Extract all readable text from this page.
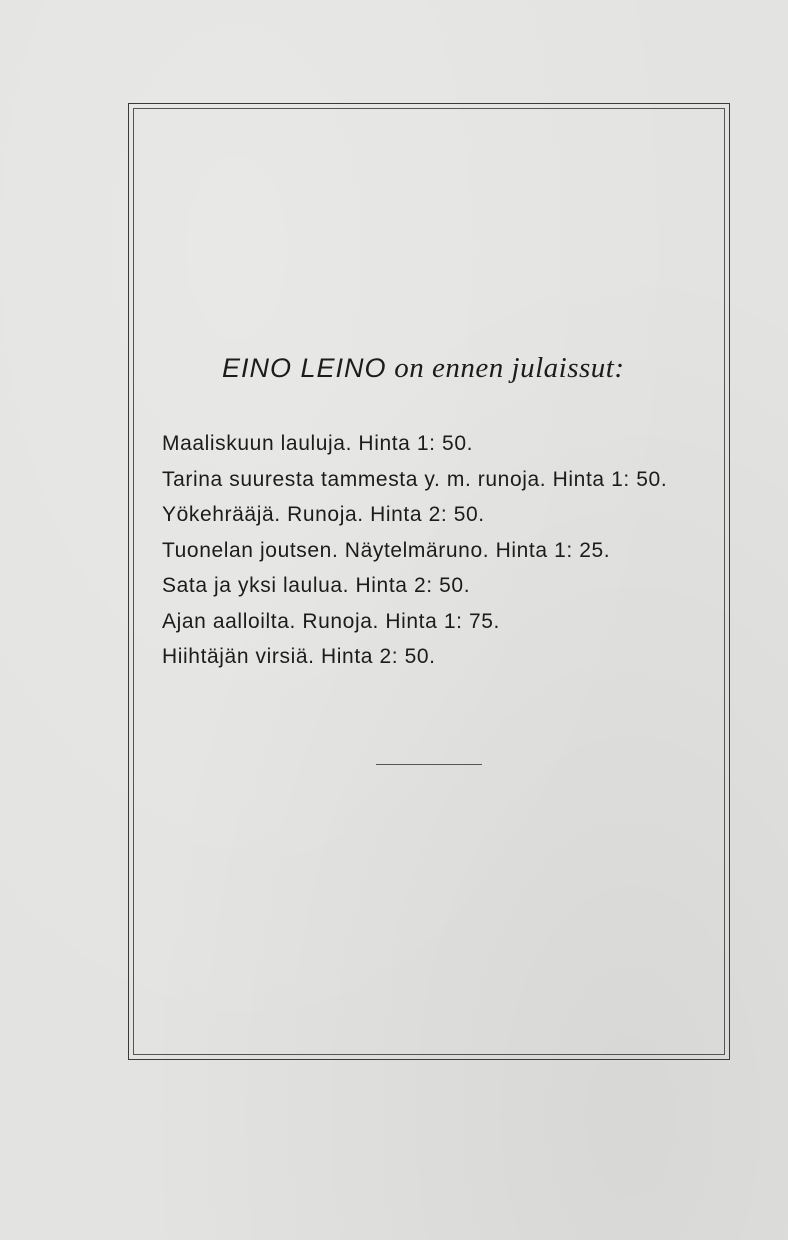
EINO LEINO on ennen julaissut:
Maaliskuun lauluja. Hinta 1: 50.
Tarina suuresta tammesta y. m. runoja. Hinta 1: 50.
Yökehrääjä. Runoja. Hinta 2: 50.
Tuonelan joutsen. Näytelmäruno. Hinta 1: 25.
Sata ja yksi laulua. Hinta 2: 50.
Ajan aalloilta. Runoja. Hinta 1: 75.
Hiihtäjän virsiä. Hinta 2: 50.
